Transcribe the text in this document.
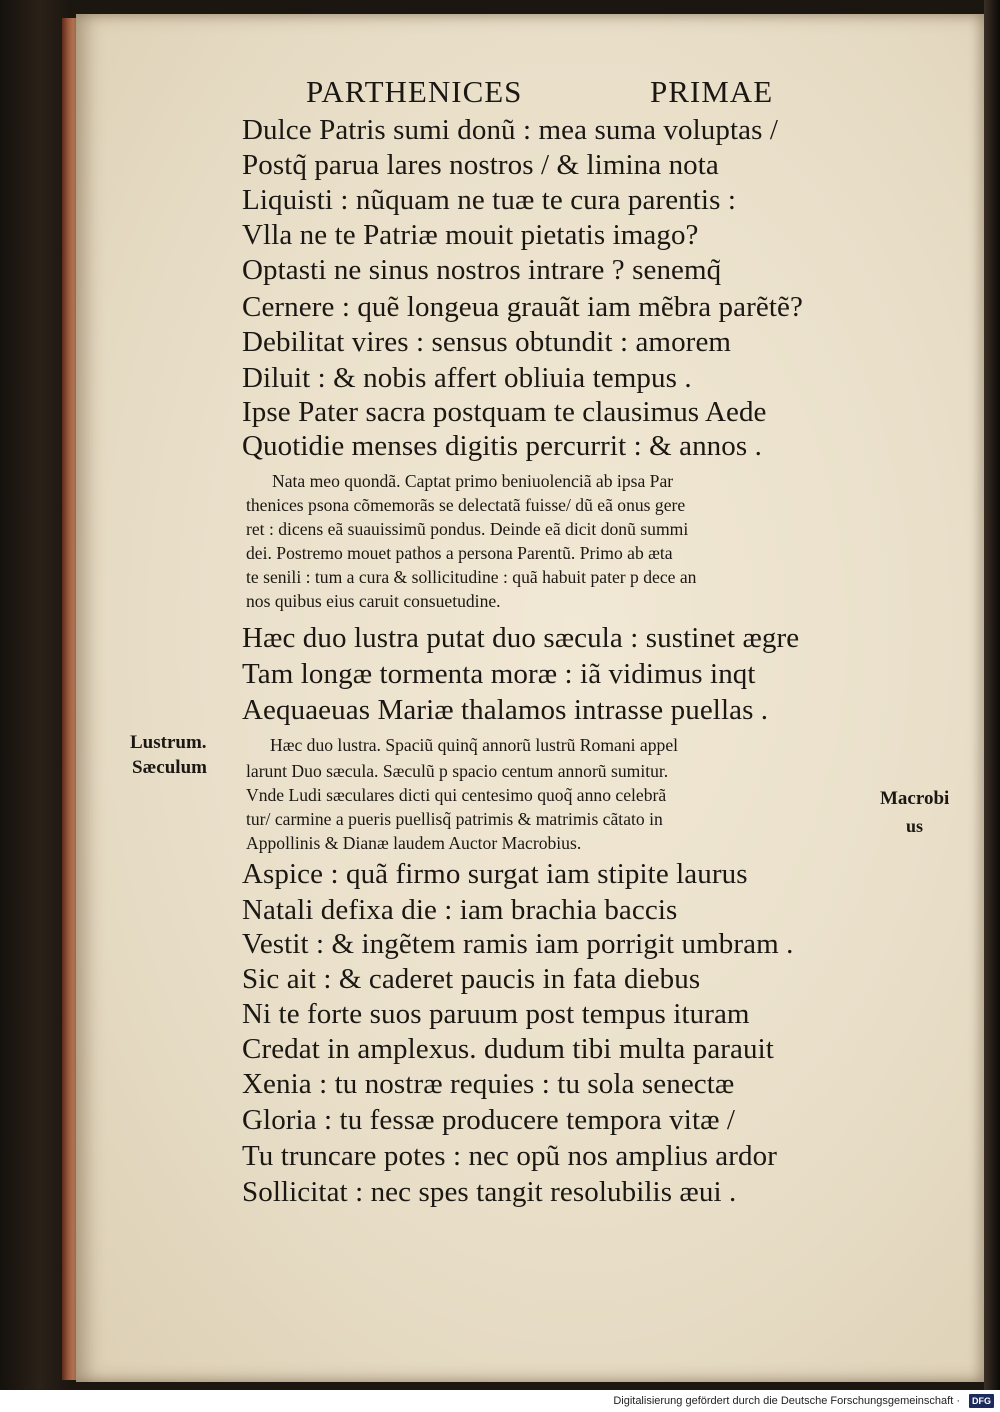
PARTHENICES	PRIMAE
Dulce Patris sumi donũ : mea suma voluptas /
Postq̃ parua lares nostros / & limina nota
Liquisti : nũquam ne tuæ te cura parentis :
Vlla ne te Patriæ mouit pietatis imago?
Optasti ne sinus nostros intrare ? senemq̃
Cernere : quẽ longeua grauãt iam mẽbra parẽtẽ?
Debilitat vires : sensus obtundit : amorem
Diluit : & nobis affert obliuia tempus .
Ipse Pater sacra postquam te clausimus Aede
Quotidie menses digitis percurrit : & annos .
Nata meo quondã. Captat primo beniuolenciã ab ipsa Par
thenices psona cõmemorãs se delectatã fuisse/ dũ eã onus gere
ret : dicens eã suauissimũ pondus. Deinde eã dicit donũ summi
dei. Postremo mouet pathos a persona Parentũ. Primo ab æta
te senili : tum a cura & sollicitudine : quã habuit pater p dece an
nos quibus eius caruit consuetudine.
Hæc duo lustra putat duo sæcula : sustinet ægre
Tam longæ tormenta moræ : iã vidimus inqt
Aequaeuas Mariæ thalamos intrasse puellas .
Lustrum.
Sæculum
Macrobi
us
Hæc duo lustra. Spaciũ quinq̃ annorũ lustrũ Romani appel
larunt Duo sæcula. Sæculũ p spacio centum annorũ sumitur.
Vnde Ludi sæculares dicti qui centesimo quoq̃ anno celebrã
tur/ carmine a pueris puellisq̃ patrimis & matrimis cãtato in
Appollinis & Dianæ laudem Auctor Macrobius.
Aspice : quã firmo surgat iam stipite laurus
Natali defixa die : iam brachia baccis
Vestit : & ingẽtem ramis iam porrigit umbram .
Sic ait : & caderet paucis in fata diebus
Ni te forte suos paruum post tempus ituram
Credat in amplexus. dudum tibi multa parauit
Xenia : tu nostræ requies : tu sola senectæ
Gloria : tu fessæ producere tempora vitæ /
Tu truncare potes : nec opũ nos amplius ardor
Sollicitat : nec spes tangit resolubilis æui .
Digitalisierung gefördert durch die Deutsche Forschungsgemeinschaft ·	DFG
